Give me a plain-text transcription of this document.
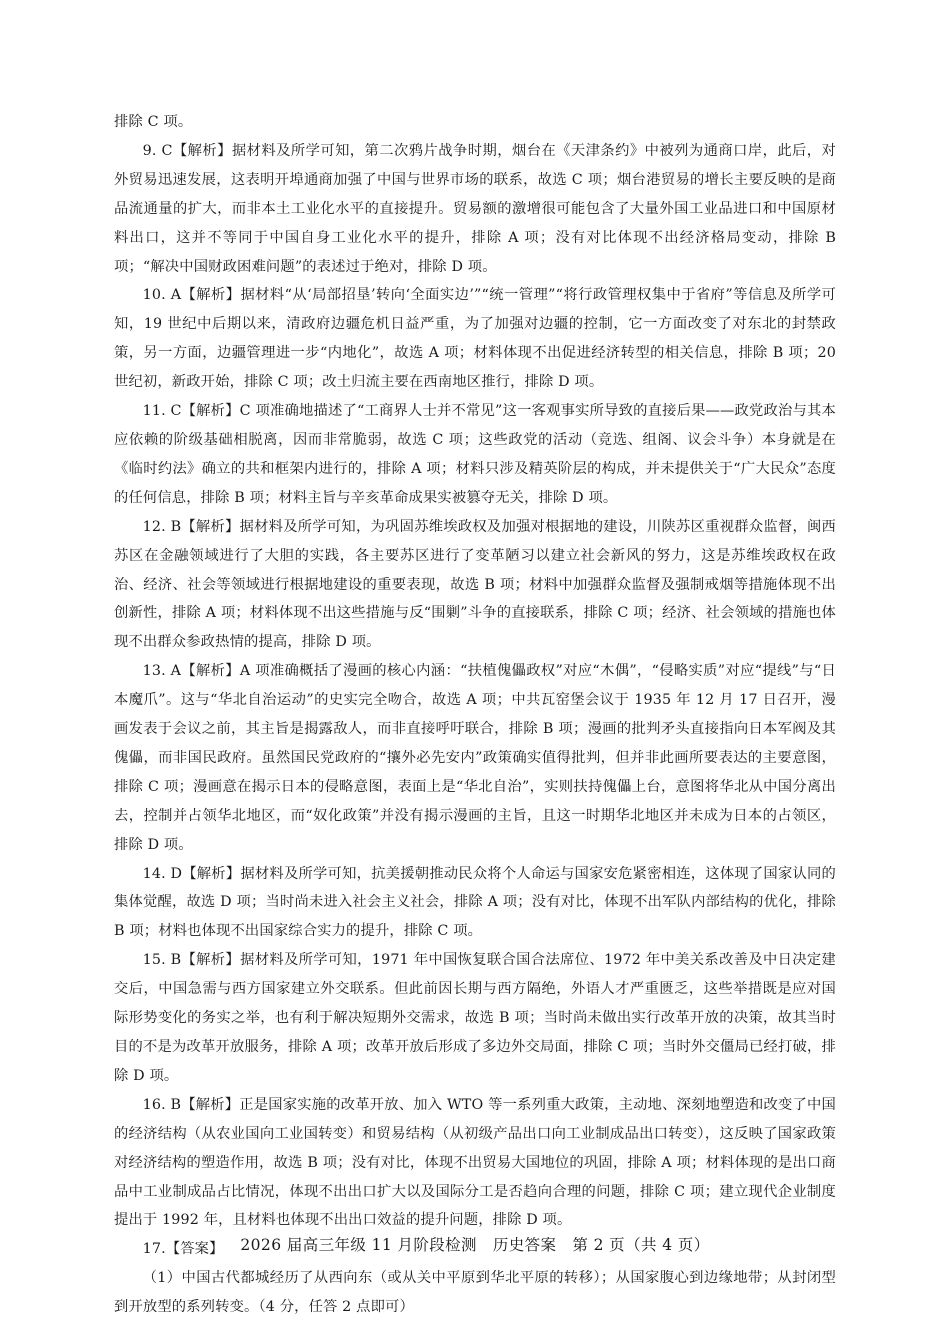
排除 C 项。

9. C【解析】据材料及所学可知，第二次鸦片战争时期，烟台在《天津条约》中被列为通商口岸，此后，对外贸易迅速发展，这表明开埠通商加强了中国与世界市场的联系，故选 C 项；烟台港贸易的增长主要反映的是商品流通量的扩大，而非本土工业化水平的直接提升。贸易额的激增很可能包含了大量外国工业品进口和中国原材料出口，这并不等同于中国自身工业化水平的提升，排除 A 项；没有对比体现不出经济格局变动，排除 B 项；“解决中国财政困难问题”的表述过于绝对，排除 D 项。

10. A【解析】据材料“从‘局部招垦’转向‘全面实边’”“统一管理”“将行政管理权集中于省府”等信息及所学可知，19 世纪中后期以来，清政府边疆危机日益严重，为了加强对边疆的控制，它一方面改变了对东北的封禁政策，另一方面，边疆管理进一步“内地化”，故选 A 项；材料体现不出促进经济转型的相关信息，排除 B 项；20 世纪初，新政开始，排除 C 项；改土归流主要在西南地区推行，排除 D 项。

11. C【解析】C 项准确地描述了“工商界人士并不常见”这一客观事实所导致的直接后果——政党政治与其本应依赖的阶级基础相脱离，因而非常脆弱，故选 C 项；这些政党的活动（竞选、组阁、议会斗争）本身就是在《临时约法》确立的共和框架内进行的，排除 A 项；材料只涉及精英阶层的构成，并未提供关于“广大民众”态度的任何信息，排除 B 项；材料主旨与辛亥革命成果实被篡夺无关，排除 D 项。

12. B【解析】据材料及所学可知，为巩固苏维埃政权及加强对根据地的建设，川陕苏区重视群众监督，闽西苏区在金融领域进行了大胆的实践，各主要苏区进行了变革陋习以建立社会新风的努力，这是苏维埃政权在政治、经济、社会等领域进行根据地建设的重要表现，故选 B 项；材料中加强群众监督及强制戒烟等措施体现不出创新性，排除 A 项；材料体现不出这些措施与反“围剿”斗争的直接联系，排除 C 项；经济、社会领域的措施也体现不出群众参政热情的提高，排除 D 项。

13. A【解析】A 项准确概括了漫画的核心内涵：“扶植傀儡政权”对应“木偶”，“侵略实质”对应“提线”与“日本魔爪”。这与“华北自治运动”的史实完全吻合，故选 A 项；中共瓦窑堡会议于 1935 年 12 月 17 日召开，漫画发表于会议之前，其主旨是揭露敌人，而非直接呼吁联合，排除 B 项；漫画的批判矛头直接指向日本军阀及其傀儡，而非国民政府。虽然国民党政府的“攘外必先安内”政策确实值得批判，但并非此画所要表达的主要意图，排除 C 项；漫画意在揭示日本的侵略意图，表面上是“华北自治”，实则扶持傀儡上台，意图将华北从中国分离出去，控制并占领华北地区，而“奴化政策”并没有揭示漫画的主旨，且这一时期华北地区并未成为日本的占领区，排除 D 项。

14. D【解析】据材料及所学可知，抗美援朝推动民众将个人命运与国家安危紧密相连，这体现了国家认同的集体觉醒，故选 D 项；当时尚未进入社会主义社会，排除 A 项；没有对比，体现不出军队内部结构的优化，排除 B 项；材料也体现不出国家综合实力的提升，排除 C 项。

15. B【解析】据材料及所学可知，1971 年中国恢复联合国合法席位、1972 年中美关系改善及中日决定建交后，中国急需与西方国家建立外交联系。但此前因长期与西方隔绝，外语人才严重匮乏，这些举措既是应对国际形势变化的务实之举，也有利于解决短期外交需求，故选 B 项；当时尚未做出实行改革开放的决策，故其当时目的不是为改革开放服务，排除 A 项；改革开放后形成了多边外交局面，排除 C 项；当时外交僵局已经打破，排除 D 项。

16. B【解析】正是国家实施的改革开放、加入 WTO 等一系列重大政策，主动地、深刻地塑造和改变了中国的经济结构（从农业国向工业国转变）和贸易结构（从初级产品出口向工业制成品出口转变），这反映了国家政策对经济结构的塑造作用，故选 B 项；没有对比，体现不出贸易大国地位的巩固，排除 A 项；材料体现的是出口商品中工业制成品占比情况，体现不出出口扩大以及国际分工是否趋向合理的问题，排除 C 项；建立现代企业制度提出于 1992 年，且材料也体现不出出口效益的提升问题，排除 D 项。

17.【答案】

（1）中国古代都城经历了从西向东（或从关中平原到华北平原的转移）；从国家腹心到边缘地带；从封闭型到开放型的系列转变。（4 分，任答 2 点即可）

2026 届高三年级 11 月阶段检测　历史答案　第 2 页（共 4 页）
